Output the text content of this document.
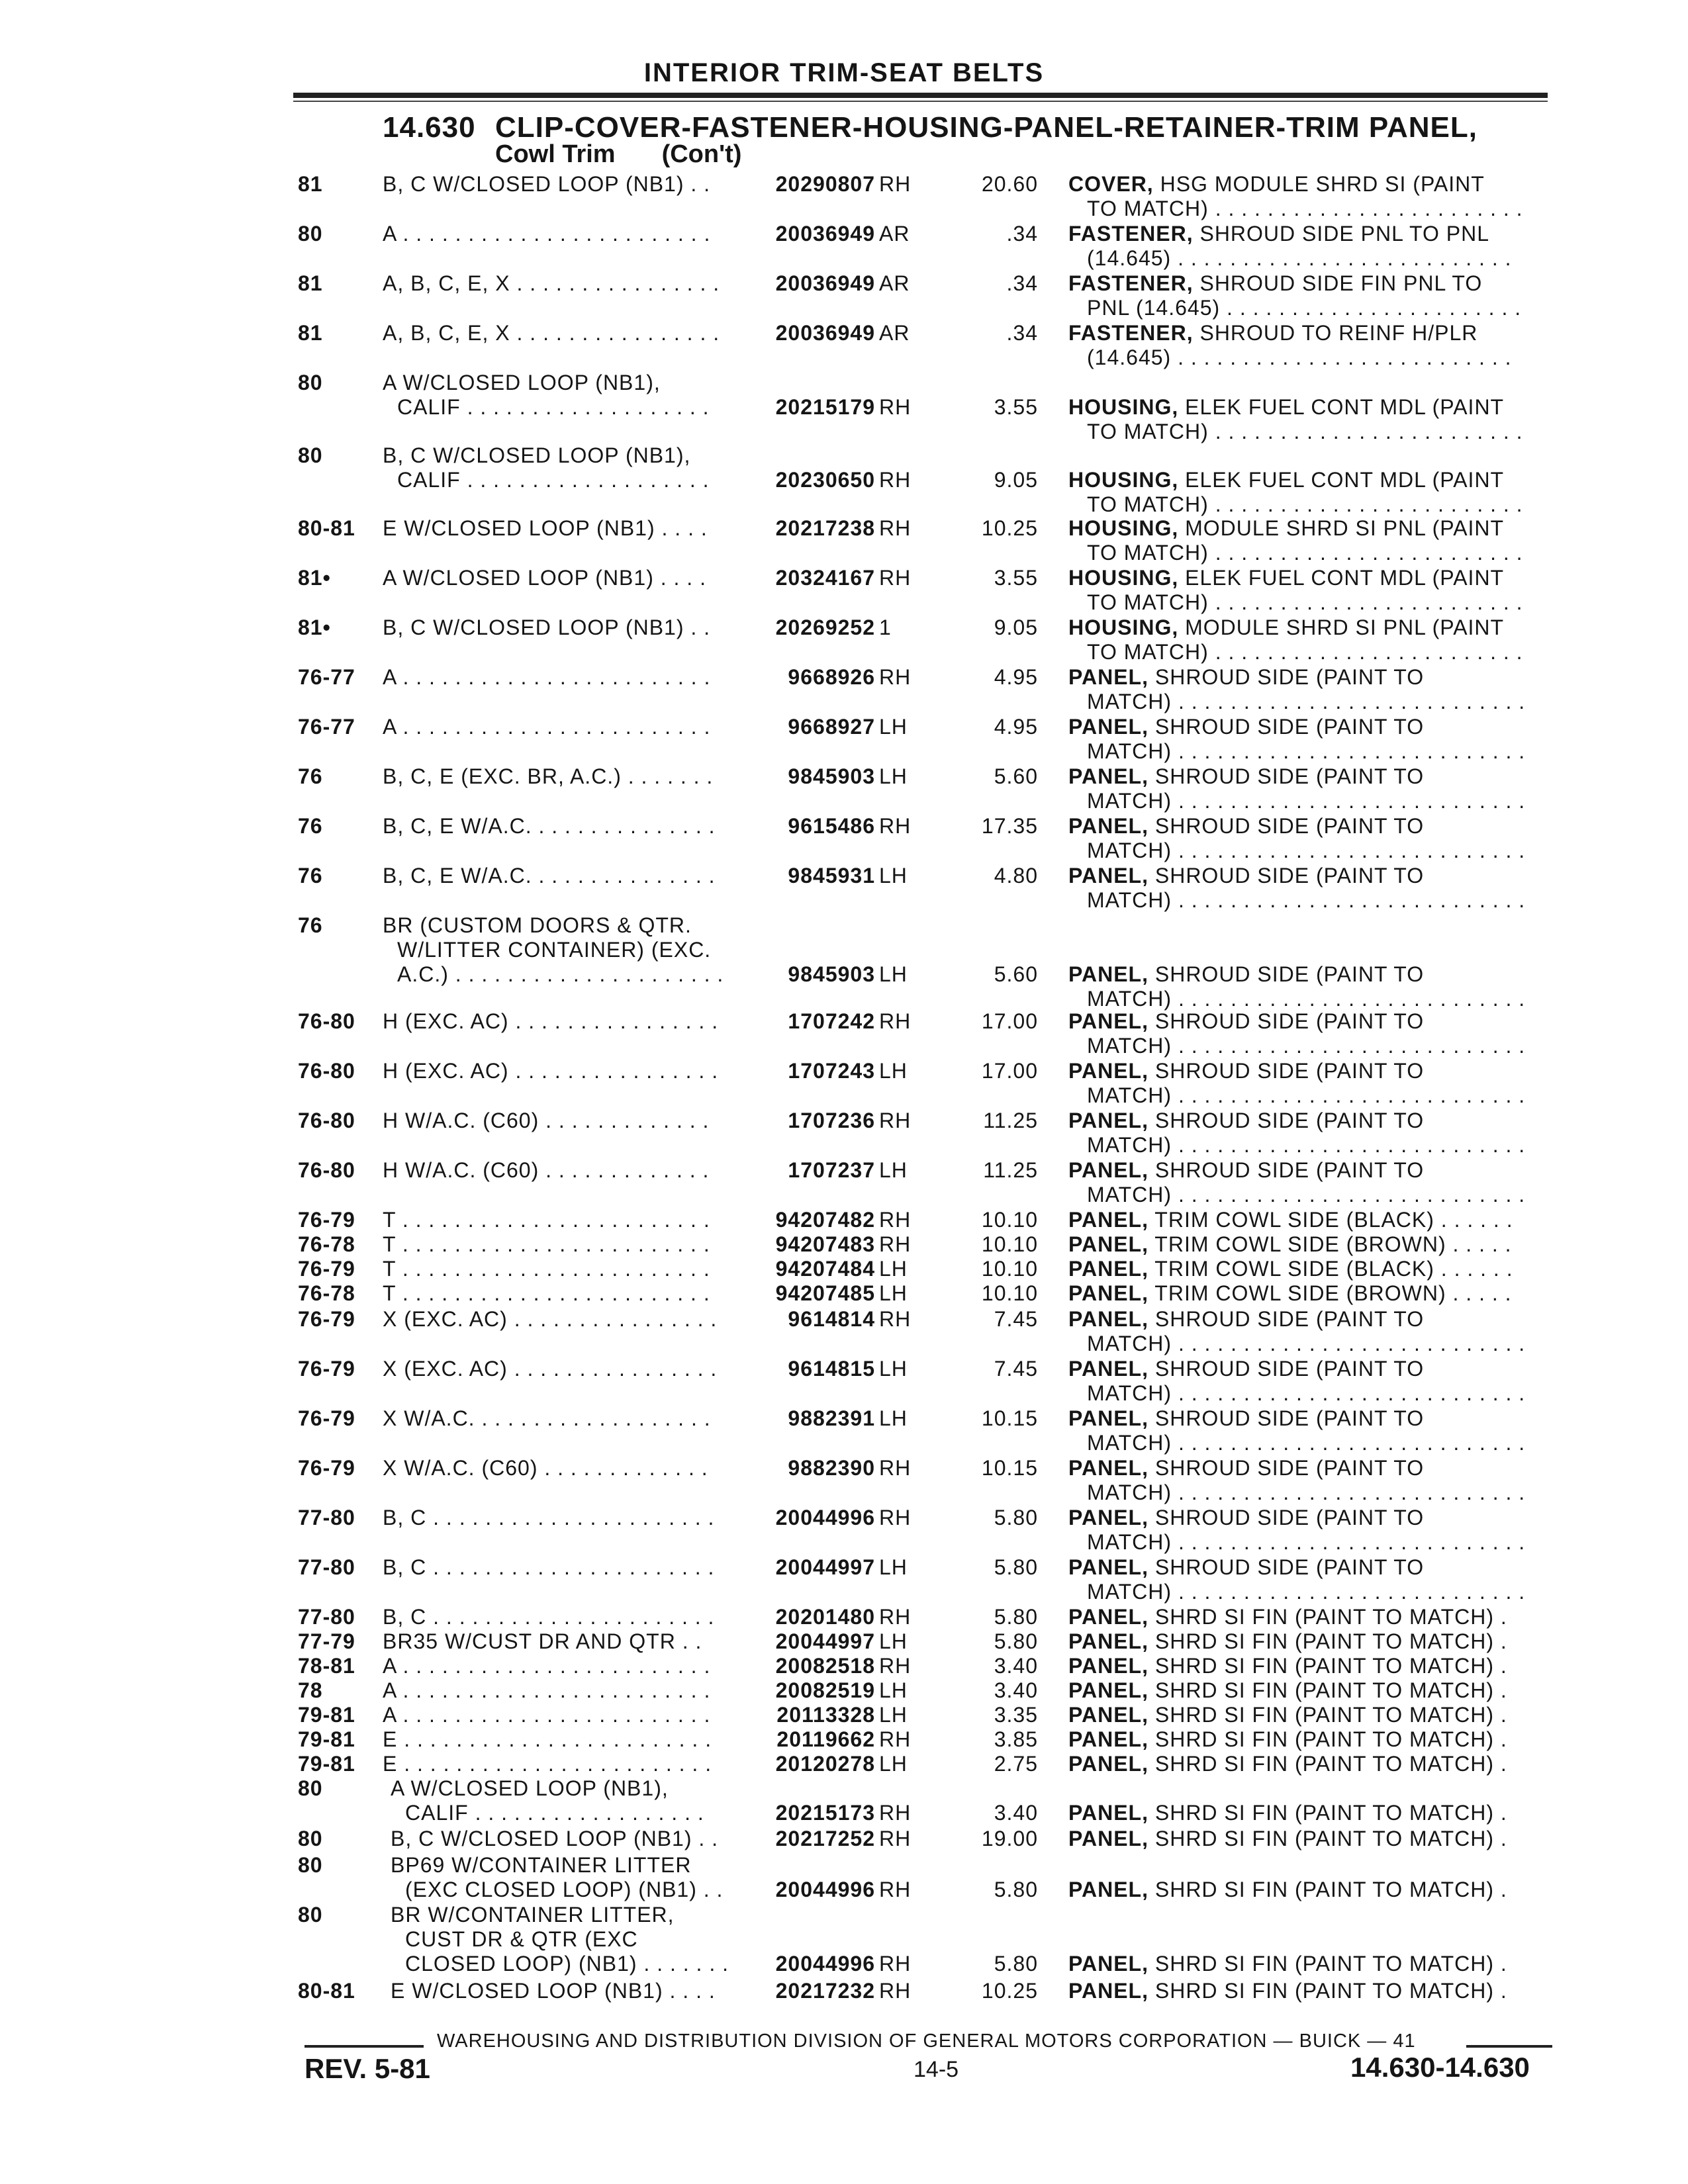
INTERIOR TRIM-SEAT BELTS
14.630 CLIP-COVER-FASTENER-HOUSING-PANEL-RETAINER-TRIM PANEL,
Cowl Trim (Con't)
81	B, C W/CLOSED LOOP (NB1) . .	20290807 RH	20.60 COVER, HSG MODULE SHRD SI (PAINT
TO MATCH) . . . . . . . . . . . . . . . . . . . . . . . .
80	A . . . . . . . . . . . . . . . . . . . . . . . .	20036949 AR	.34 FASTENER, SHROUD SIDE PNL TO PNL
(14.645) . . . . . . . . . . . . . . . . . . . . . . . . . .
81	A, B, C, E, X . . . . . . . . . . . . . . . .	20036949 AR	.34 FASTENER, SHROUD SIDE FIN PNL TO
PNL (14.645) . . . . . . . . . . . . . . . . . . . . . . .
81	A, B, C, E, X . . . . . . . . . . . . . . . .	20036949 AR	.34 FASTENER, SHROUD TO REINF H/PLR
(14.645) . . . . . . . . . . . . . . . . . . . . . . . . . .
80	A W/CLOSED LOOP (NB1),
CALIF . . . . . . . . . . . . . . . . . . .	20215179 RH	3.55 HOUSING, ELEK FUEL CONT MDL (PAINT
TO MATCH) . . . . . . . . . . . . . . . . . . . . . . . .
80	B, C W/CLOSED LOOP (NB1),
CALIF . . . . . . . . . . . . . . . . . . .	20230650 RH	9.05 HOUSING, ELEK FUEL CONT MDL (PAINT
TO MATCH) . . . . . . . . . . . . . . . . . . . . . . . .
80-81	E W/CLOSED LOOP (NB1) . . . .	20217238 RH	10.25 HOUSING, MODULE SHRD SI PNL (PAINT
TO MATCH) . . . . . . . . . . . . . . . . . . . . . . . .
81•	A W/CLOSED LOOP (NB1) . . . .	20324167 RH	3.55 HOUSING, ELEK FUEL CONT MDL (PAINT
TO MATCH) . . . . . . . . . . . . . . . . . . . . . . . .
81•	B, C W/CLOSED LOOP (NB1) . .	20269252 1	9.05 HOUSING, MODULE SHRD SI PNL (PAINT
TO MATCH) . . . . . . . . . . . . . . . . . . . . . . . .
76-77	A . . . . . . . . . . . . . . . . . . . . . . . .	9668926 RH	4.95 PANEL, SHROUD SIDE (PAINT TO
MATCH) . . . . . . . . . . . . . . . . . . . . . . . . . . .
76-77	A . . . . . . . . . . . . . . . . . . . . . . . .	9668927 LH	4.95 PANEL, SHROUD SIDE (PAINT TO
MATCH) . . . . . . . . . . . . . . . . . . . . . . . . . . .
76	B, C, E (EXC. BR, A.C.) . . . . . . .	9845903 LH	5.60 PANEL, SHROUD SIDE (PAINT TO
MATCH) . . . . . . . . . . . . . . . . . . . . . . . . . . .
76	B, C, E W/A.C. . . . . . . . . . . . . . .	9615486 RH	17.35 PANEL, SHROUD SIDE (PAINT TO
MATCH) . . . . . . . . . . . . . . . . . . . . . . . . . . .
76	B, C, E W/A.C. . . . . . . . . . . . . . .	9845931 LH	4.80 PANEL, SHROUD SIDE (PAINT TO
MATCH) . . . . . . . . . . . . . . . . . . . . . . . . . . .
76	BR (CUSTOM DOORS & QTR.
W/LITTER CONTAINER) (EXC.
A.C.) . . . . . . . . . . . . . . . . . . . . .	9845903 LH	5.60 PANEL, SHROUD SIDE (PAINT TO
MATCH) . . . . . . . . . . . . . . . . . . . . . . . . . . .
76-80	H (EXC. AC) . . . . . . . . . . . . . . . .	1707242 RH	17.00 PANEL, SHROUD SIDE (PAINT TO
MATCH) . . . . . . . . . . . . . . . . . . . . . . . . . . .
76-80	H (EXC. AC) . . . . . . . . . . . . . . . .	1707243 LH	17.00 PANEL, SHROUD SIDE (PAINT TO
MATCH) . . . . . . . . . . . . . . . . . . . . . . . . . . .
76-80	H W/A.C. (C60) . . . . . . . . . . . . .	1707236 RH	11.25 PANEL, SHROUD SIDE (PAINT TO
MATCH) . . . . . . . . . . . . . . . . . . . . . . . . . . .
76-80	H W/A.C. (C60) . . . . . . . . . . . . .	1707237 LH	11.25 PANEL, SHROUD SIDE (PAINT TO
MATCH) . . . . . . . . . . . . . . . . . . . . . . . . . . .
76-79	T . . . . . . . . . . . . . . . . . . . . . . . .	94207482 RH	10.10 PANEL, TRIM COWL SIDE (BLACK) . . . . . .
76-78	T . . . . . . . . . . . . . . . . . . . . . . . .	94207483 RH	10.10 PANEL, TRIM COWL SIDE (BROWN) . . . . .
76-79	T . . . . . . . . . . . . . . . . . . . . . . . .	94207484 LH	10.10 PANEL, TRIM COWL SIDE (BLACK) . . . . . .
76-78	T . . . . . . . . . . . . . . . . . . . . . . . .	94207485 LH	10.10 PANEL, TRIM COWL SIDE (BROWN) . . . . .
76-79	X (EXC. AC) . . . . . . . . . . . . . . . .	9614814 RH	7.45 PANEL, SHROUD SIDE (PAINT TO
MATCH) . . . . . . . . . . . . . . . . . . . . . . . . . . .
76-79	X (EXC. AC) . . . . . . . . . . . . . . . .	9614815 LH	7.45 PANEL, SHROUD SIDE (PAINT TO
MATCH) . . . . . . . . . . . . . . . . . . . . . . . . . . .
76-79	X W/A.C. . . . . . . . . . . . . . . . . . .	9882391 LH	10.15 PANEL, SHROUD SIDE (PAINT TO
MATCH) . . . . . . . . . . . . . . . . . . . . . . . . . . .
76-79	X W/A.C. (C60) . . . . . . . . . . . . .	9882390 RH	10.15 PANEL, SHROUD SIDE (PAINT TO
MATCH) . . . . . . . . . . . . . . . . . . . . . . . . . . .
77-80	B, C . . . . . . . . . . . . . . . . . . . . . .	20044996 RH	5.80 PANEL, SHROUD SIDE (PAINT TO
MATCH) . . . . . . . . . . . . . . . . . . . . . . . . . . .
77-80	B, C . . . . . . . . . . . . . . . . . . . . . .	20044997 LH	5.80 PANEL, SHROUD SIDE (PAINT TO
MATCH) . . . . . . . . . . . . . . . . . . . . . . . . . . .
77-80	B, C . . . . . . . . . . . . . . . . . . . . . .	20201480 RH	5.80 PANEL, SHRD SI FIN (PAINT TO MATCH) .
77-79	BR35 W/CUST DR AND QTR . .	20044997 LH	5.80 PANEL, SHRD SI FIN (PAINT TO MATCH) .
78-81	A . . . . . . . . . . . . . . . . . . . . . . . .	20082518 RH	3.40 PANEL, SHRD SI FIN (PAINT TO MATCH) .
78	A . . . . . . . . . . . . . . . . . . . . . . . .	20082519 LH	3.40 PANEL, SHRD SI FIN (PAINT TO MATCH) .
79-81	A . . . . . . . . . . . . . . . . . . . . . . . .	20113328 LH	3.35 PANEL, SHRD SI FIN (PAINT TO MATCH) .
79-81	E . . . . . . . . . . . . . . . . . . . . . . . .	20119662 RH	3.85 PANEL, SHRD SI FIN (PAINT TO MATCH) .
79-81	E . . . . . . . . . . . . . . . . . . . . . . . .	20120278 LH	2.75 PANEL, SHRD SI FIN (PAINT TO MATCH) .
80	A W/CLOSED LOOP (NB1),
CALIF . . . . . . . . . . . . . . . . . .	20215173 RH	3.40 PANEL, SHRD SI FIN (PAINT TO MATCH) .
80	B, C W/CLOSED LOOP (NB1) . .	20217252 RH	19.00 PANEL, SHRD SI FIN (PAINT TO MATCH) .
80	BP69 W/CONTAINER LITTER
(EXC CLOSED LOOP) (NB1) . .	20044996 RH	5.80 PANEL, SHRD SI FIN (PAINT TO MATCH) .
80	BR W/CONTAINER LITTER,
CUST DR & QTR (EXC
CLOSED LOOP) (NB1) . . . . . . .	20044996 RH	5.80 PANEL, SHRD SI FIN (PAINT TO MATCH) .
80-81	E W/CLOSED LOOP (NB1) . . . .	20217232 RH	10.25 PANEL, SHRD SI FIN (PAINT TO MATCH) .
WAREHOUSING AND DISTRIBUTION DIVISION OF GENERAL MOTORS CORPORATION — BUICK — 41
REV. 5-81	14-5	14.630-14.630
